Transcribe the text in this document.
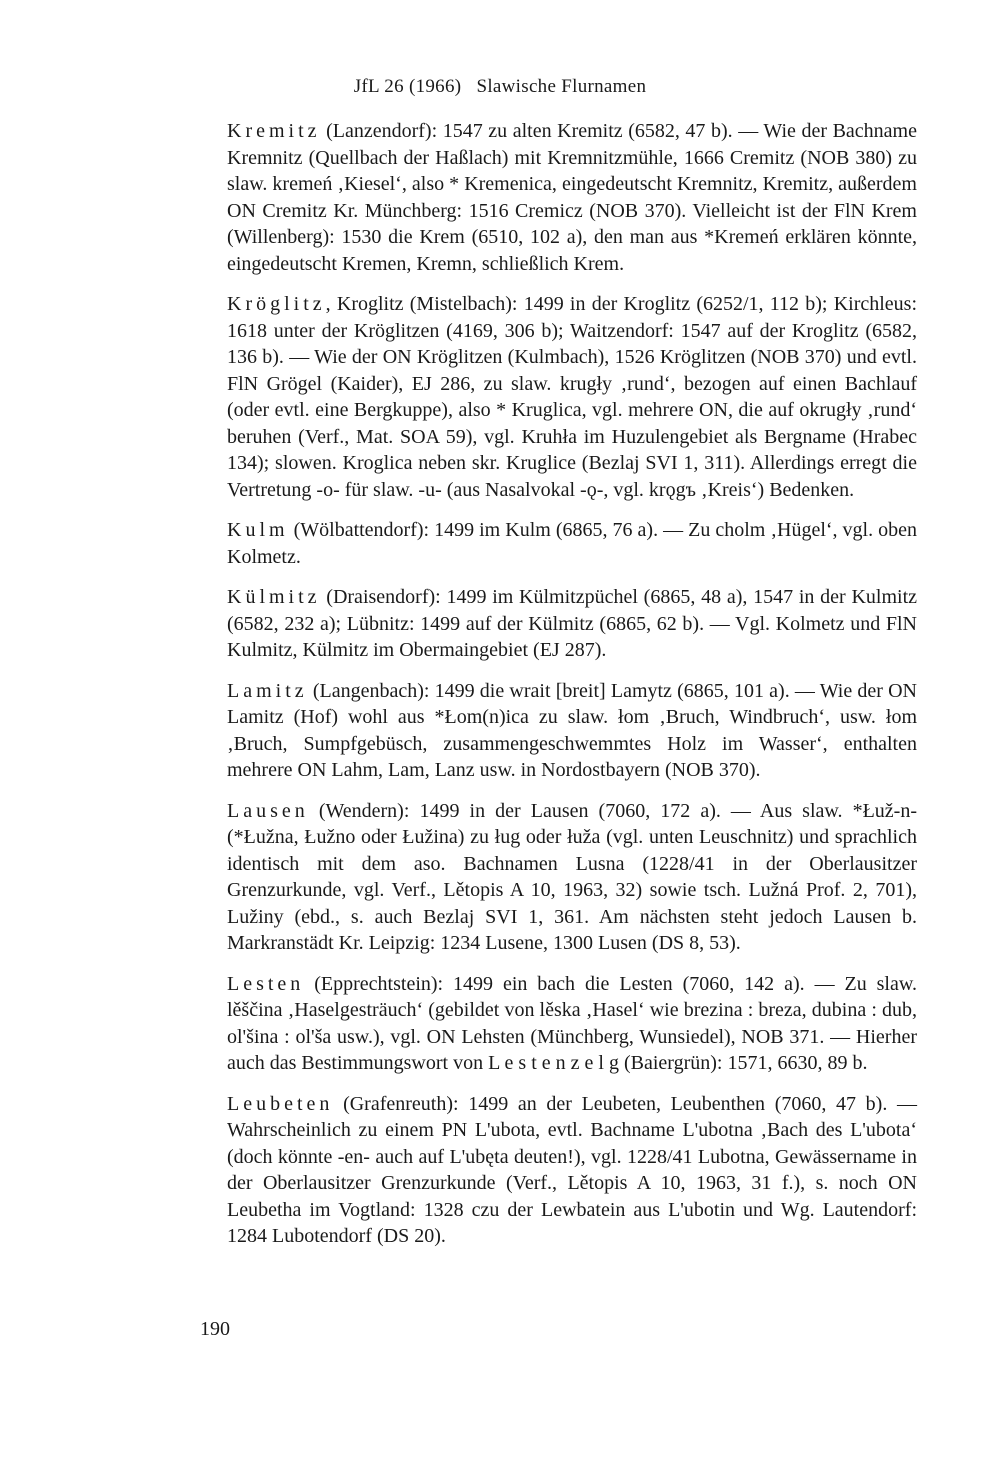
JfL 26 (1966) Slawische Flurnamen

Kremitz (Lanzendorf): 1547 zu alten Kremitz (6582, 47 b). — Wie der Bachname Kremnitz (Quellbach der Haßlach) mit Kremnitzmühle, 1666 Cremitz (NOB 380) zu slaw. kremeń ‚Kiesel‘, also * Kremenica, eingedeutscht Kremnitz, Kremitz, außerdem ON Cremitz Kr. Münchberg: 1516 Cremicz (NOB 370). Vielleicht ist der FlN Krem (Willenberg): 1530 die Krem (6510, 102 a), den man aus *Kremeń erklären könnte, eingedeutscht Kremen, Kremn, schließlich Krem.

Kröglitz, Kroglitz (Mistelbach): 1499 in der Kroglitz (6252/1, 112 b); Kirchleus: 1618 unter der Kröglitzen (4169, 306 b); Waitzendorf: 1547 auf der Kroglitz (6582, 136 b). — Wie der ON Kröglitzen (Kulmbach), 1526 Kröglitzen (NOB 370) und evtl. FlN Grögel (Kaider), EJ 286, zu slaw. krugły ‚rund‘, bezogen auf einen Bachlauf (oder evtl. eine Bergkuppe), also * Kruglica, vgl. mehrere ON, die auf okrugły ‚rund‘ beruhen (Verf., Mat. SOA 59), vgl. Kruhła im Huzulengebiet als Bergname (Hrabec 134); slowen. Kroglica neben skr. Kruglice (Bezlaj SVI 1, 311). Allerdings erregt die Vertretung -o- für slaw. -u- (aus Nasalvokal -ǫ-, vgl. krǫgъ ‚Kreis‘) Bedenken.

Kulm (Wölbattendorf): 1499 im Kulm (6865, 76 a). — Zu cholm ‚Hügel‘, vgl. oben Kolmetz.

Külmitz (Draisendorf): 1499 im Külmitzpüchel (6865, 48 a), 1547 in der Kulmitz (6582, 232 a); Lübnitz: 1499 auf der Külmitz (6865, 62 b). — Vgl. Kolmetz und FlN Kulmitz, Külmitz im Obermaingebiet (EJ 287).

Lamitz (Langenbach): 1499 die wrait [breit] Lamytz (6865, 101 a). — Wie der ON Lamitz (Hof) wohl aus *Łom(n)ica zu slaw. łom ‚Bruch, Windbruch‘, usw. łom ‚Bruch, Sumpfgebüsch, zusammengeschwemmtes Holz im Wasser‘, enthalten mehrere ON Lahm, Lam, Lanz usw. in Nordostbayern (NOB 370).

Lausen (Wendern): 1499 in der Lausen (7060, 172 a). — Aus slaw. *Łuž-n- (*Łužna, Łužno oder Łužina) zu ług oder łuža (vgl. unten Leuschnitz) und sprachlich identisch mit dem aso. Bachnamen Lusna (1228/41 in der Oberlausitzer Grenzurkunde, vgl. Verf., Lětopis A 10, 1963, 32) sowie tsch. Lužná Prof. 2, 701), Lužiny (ebd., s. auch Bezlaj SVI 1, 361. Am nächsten steht jedoch Lausen b. Markranstädt Kr. Leipzig: 1234 Lusene, 1300 Lusen (DS 8, 53).

Lesten (Epprechtstein): 1499 ein bach die Lesten (7060, 142 a). — Zu slaw. lěščina ‚Haselgesträuch‘ (gebildet von lěska ‚Hasel‘ wie brezina : breza, dubina : dub, ol'šina : ol'ša usw.), vgl. ON Lehsten (Münchberg, Wunsiedel), NOB 371. — Hierher auch das Bestimmungswort von L e s t e n z e l g (Baiergrün): 1571, 6630, 89 b.

Leubeten (Grafenreuth): 1499 an der Leubeten, Leubenthen (7060, 47 b). — Wahrscheinlich zu einem PN L'ubota, evtl. Bachname L'ubotna ‚Bach des L'ubota‘ (doch könnte -en- auch auf L'ubęta deuten!), vgl. 1228/41 Lubotna, Gewässername in der Oberlausitzer Grenzurkunde (Verf., Lětopis A 10, 1963, 31 f.), s. noch ON Leubetha im Vogtland: 1328 czu der Lewbatein aus L'ubotin und Wg. Lautendorf: 1284 Lubotendorf (DS 20).

190
